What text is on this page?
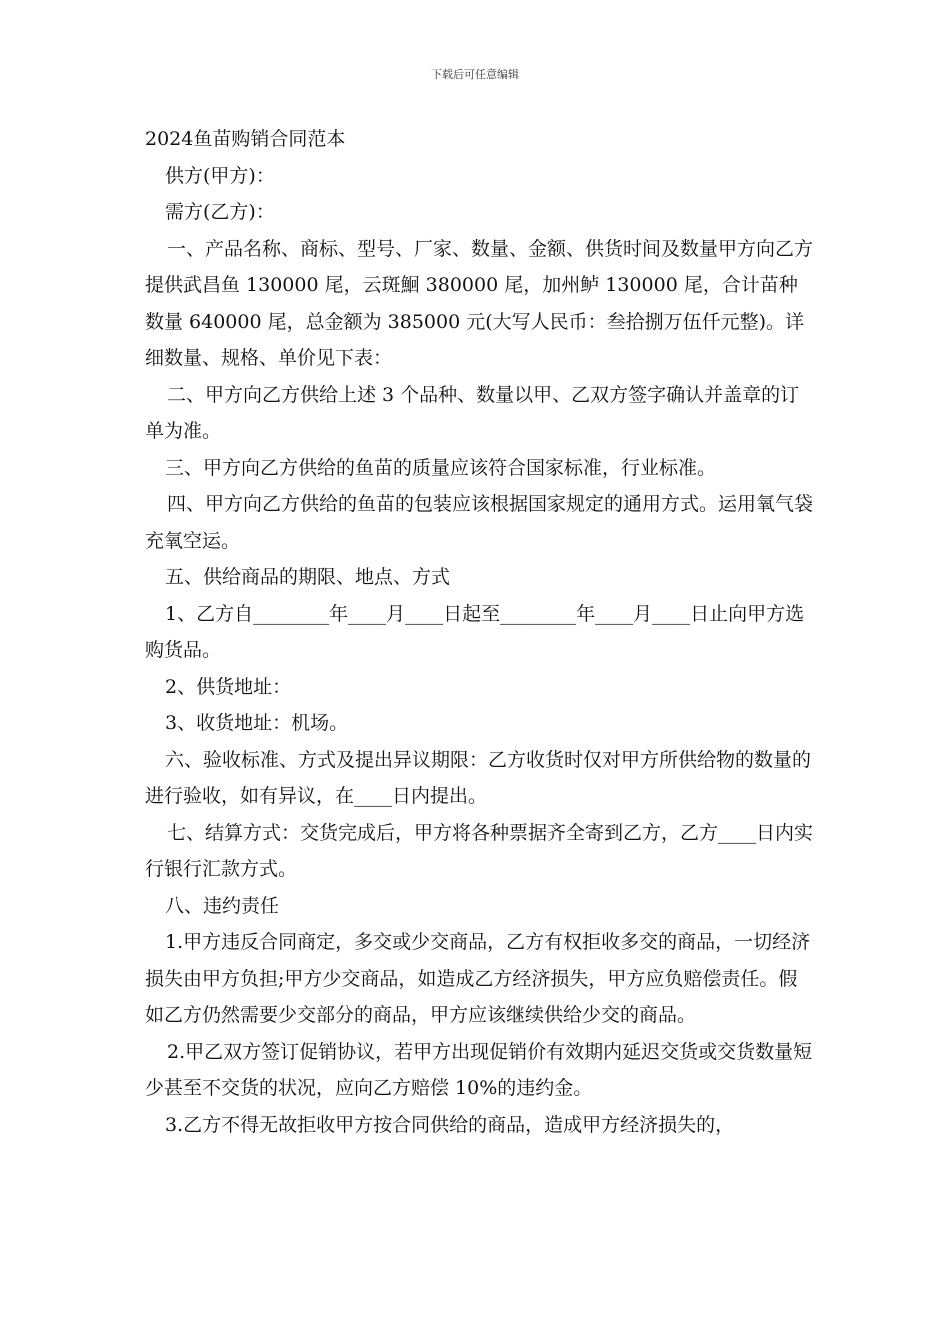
下载后可任意编辑

2024鱼苗购销合同范本

供方(甲方)：

需方(乙方)：

一、产品名称、商标、型号、厂家、数量、金额、供货时间及数量甲方向乙方提供武昌鱼 130000 尾，云斑鮰 380000 尾，加州鲈 130000 尾，合计苗种数量 640000 尾，总金额为 385000 元(大写人民币：叁拾捌万伍仟元整)。详细数量、规格、单价见下表：

二、甲方向乙方供给上述 3 个品种、数量以甲、乙双方签字确认并盖章的订单为准。

三、甲方向乙方供给的鱼苗的质量应该符合国家标准，行业标准。

四、甲方向乙方供给的鱼苗的包装应该根据国家规定的通用方式。运用氧气袋充氧空运。

五、供给商品的期限、地点、方式

1、乙方自________年____月____日起至________年____月____日止向甲方选购货品。

2、供货地址：

3、收货地址：机场。

六、验收标准、方式及提出异议期限：乙方收货时仅对甲方所供给物的数量的进行验收，如有异议，在____日内提出。

七、结算方式：交货完成后，甲方将各种票据齐全寄到乙方，乙方____日内实行银行汇款方式。

八、违约责任

1.甲方违反合同商定，多交或少交商品，乙方有权拒收多交的商品，一切经济损失由甲方负担;甲方少交商品，如造成乙方经济损失，甲方应负赔偿责任。假如乙方仍然需要少交部分的商品，甲方应该继续供给少交的商品。

2.甲乙双方签订促销协议，若甲方出现促销价有效期内延迟交货或交货数量短少甚至不交货的状况，应向乙方赔偿 10%的违约金。

3.乙方不得无故拒收甲方按合同供给的商品，造成甲方经济损失的，
